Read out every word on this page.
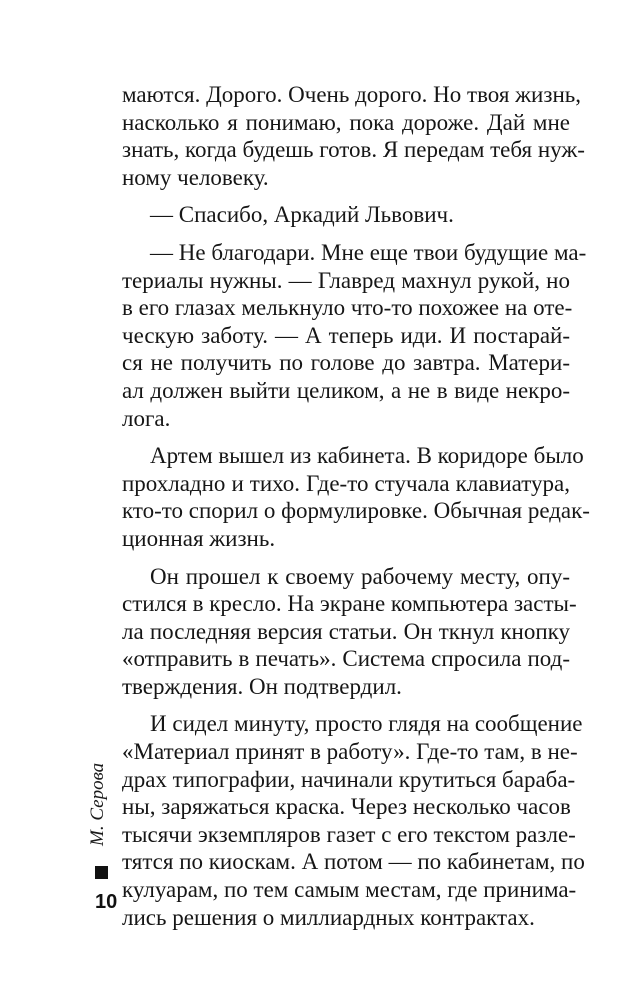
маются. Дорого. Очень дорого. Но твоя жизнь,
насколько я понимаю, пока дороже. Дай мне
знать, когда будешь готов. Я передам тебя нуж-
ному человеку.
— Спасибо, Аркадий Львович.
— Не благодари. Мне еще твои будущие ма-
териалы нужны. — Главред махнул рукой, но
в его глазах мелькнуло что-то похожее на оте-
ческую заботу. — А теперь иди. И постарай-
ся не получить по голове до завтра. Матери-
ал должен выйти целиком, а не в виде некро-
лога.
Артем вышел из кабинета. В коридоре было
прохладно и тихо. Где-то стучала клавиатура,
кто-то спорил о формулировке. Обычная редак-
ционная жизнь.
Он прошел к своему рабочему месту, опу-
стился в кресло. На экране компьютера засты-
ла последняя версия статьи. Он ткнул кнопку
«отправить в печать». Система спросила под-
тверждения. Он подтвердил.
И сидел минуту, просто глядя на сообщение
«Материал принят в работу». Где-то там, в не-
драх типографии, начинали крутиться бараба-
ны, заряжаться краска. Через несколько часов
тысячи экземпляров газет с его текстом разле-
тятся по киоскам. А потом — по кабинетам, по
кулуарам, по тем самым местам, где принима-
лись решения о миллиардных контрактах.
М. Серова
10
